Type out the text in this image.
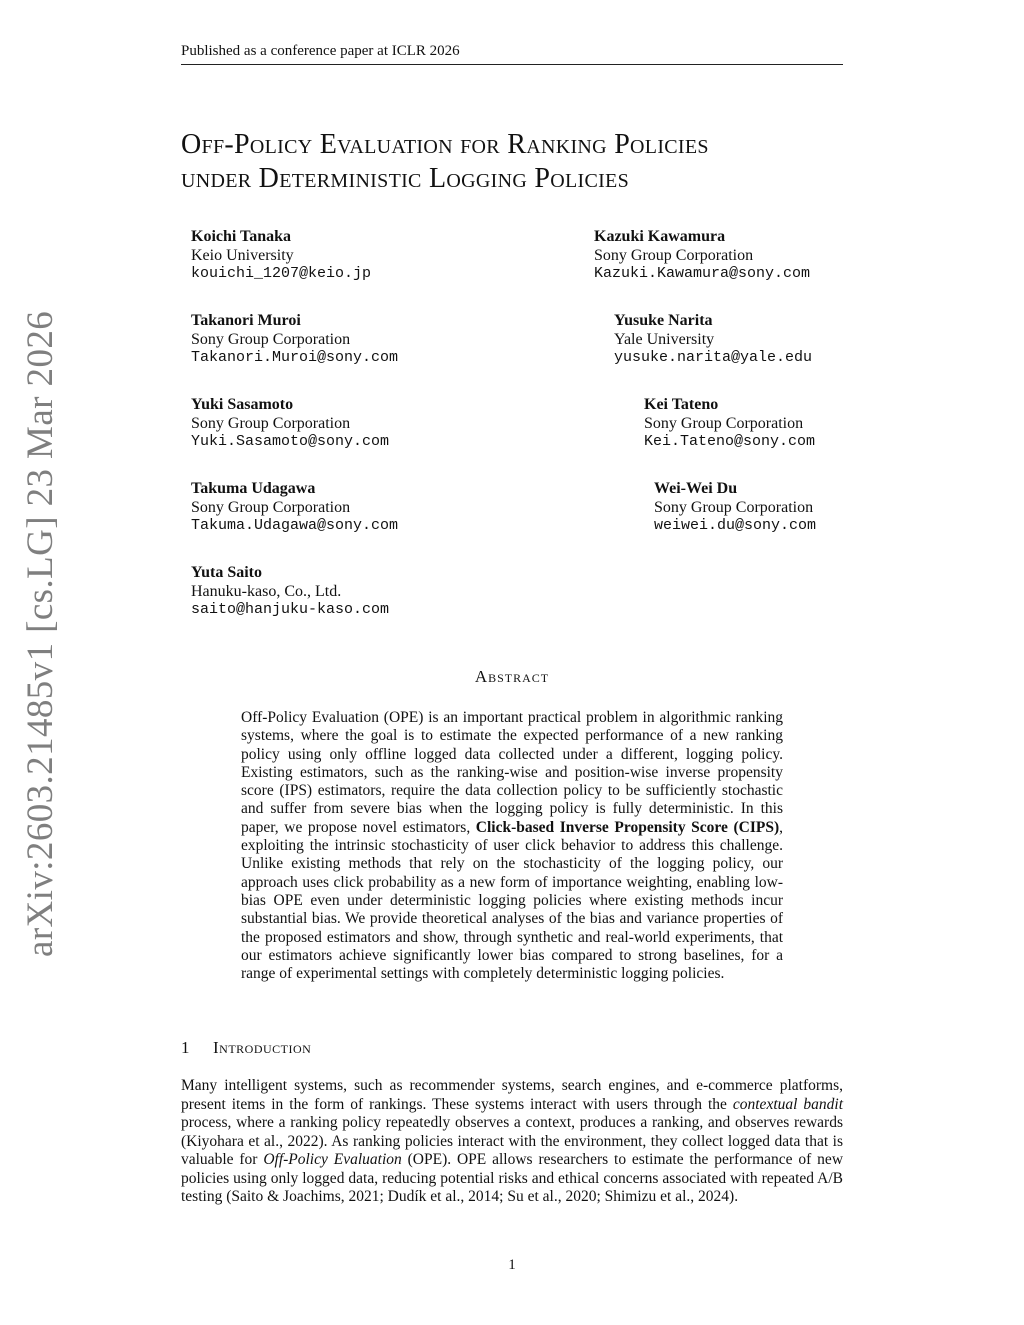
Published as a conference paper at ICLR 2026
Off-Policy Evaluation for Ranking Policies
under Deterministic Logging Policies
Koichi Tanaka
Keio University
kouichi_1207@keio.jp
Kazuki Kawamura
Sony Group Corporation
Kazuki.Kawamura@sony.com
Takanori Muroi
Sony Group Corporation
Takanori.Muroi@sony.com
Yusuke Narita
Yale University
yusuke.narita@yale.edu
Yuki Sasamoto
Sony Group Corporation
Yuki.Sasamoto@sony.com
Kei Tateno
Sony Group Corporation
Kei.Tateno@sony.com
Takuma Udagawa
Sony Group Corporation
Takuma.Udagawa@sony.com
Wei-Wei Du
Sony Group Corporation
weiwei.du@sony.com
Yuta Saito
Hanuku-kaso, Co., Ltd.
saito@hanjuku-kaso.com
arXiv:2603.21485v1 [cs.LG] 23 Mar 2026	Abstract

Off-Policy Evaluation (OPE) is an important practical problem in algorithmic ranking systems, where the goal is to estimate the expected performance of a new ranking policy using only offline logged data collected under a different, logging policy. Existing estimators, such as the ranking-wise and position-wise inverse propensity score (IPS) estimators, require the data collection policy to be sufficiently stochastic and suffer from severe bias when the logging policy is fully deterministic. In this paper, we propose novel estimators, Click-based Inverse Propensity Score (CIPS), exploiting the intrinsic stochasticity of user click behavior to address this challenge. Unlike existing methods that rely on the stochasticity of the logging policy, our approach uses click probability as a new form of importance weighting, enabling low-bias OPE even under deterministic logging policies where existing methods incur substantial bias. We provide theoretical analyses of the bias and variance properties of the proposed estimators and show, through synthetic and real-world experiments, that our estimators achieve significantly lower bias compared to strong baselines, for a range of experimental settings with completely deterministic logging policies.

1 Introduction

Many intelligent systems, such as recommender systems, search engines, and e-commerce platforms, present items in the form of rankings. These systems interact with users through the contextual bandit process, where a ranking policy repeatedly observes a context, produces a ranking, and observes rewards (Kiyohara et al., 2022). As ranking policies interact with the environment, they collect logged data that is valuable for Off-Policy Evaluation (OPE). OPE allows researchers to estimate the performance of new policies using only logged data, reducing potential risks and ethical concerns associated with repeated A/B testing (Saito & Joachims, 2021; Dudík et al., 2014; Su et al., 2020; Shimizu et al., 2024).

1
